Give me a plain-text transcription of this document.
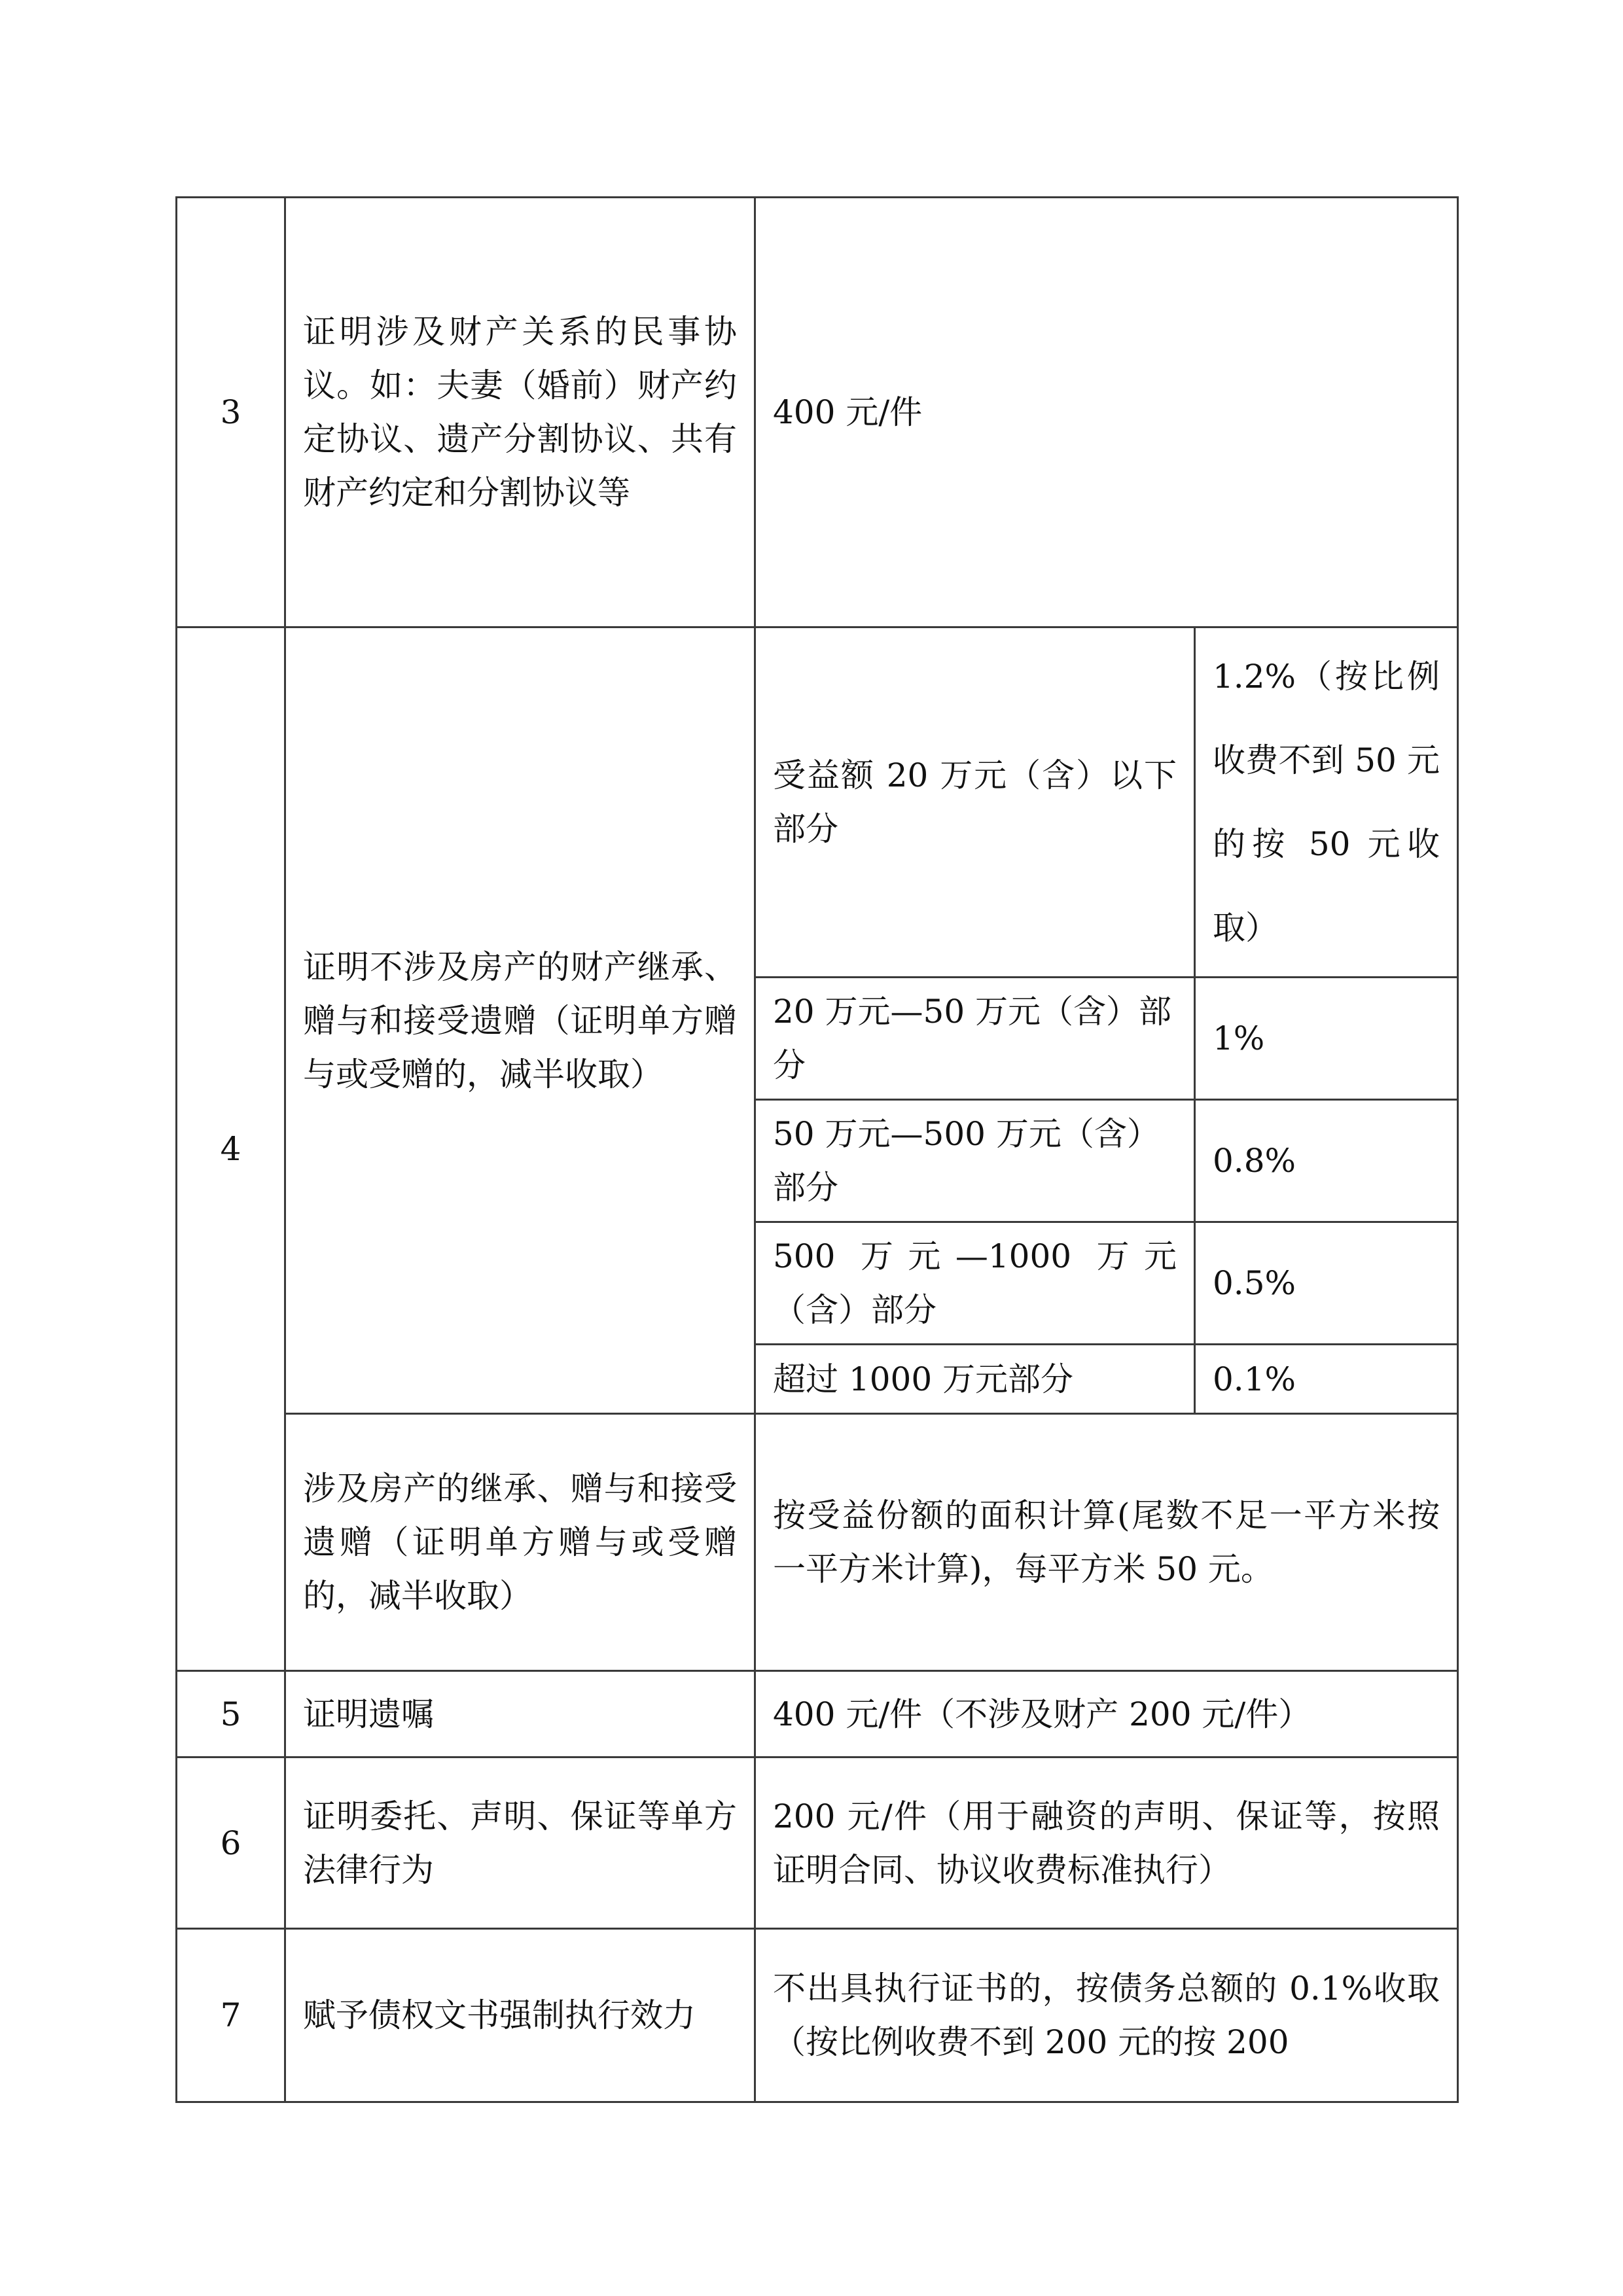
3	证明涉及财产关系的民事协议。如：夫妻（婚前）财产约定协议、遗产分割协议、共有财产约定和分割协议等	400 元/件	
4	证明不涉及房产的财产继承、赠与和接受遗赠（证明单方赠与或受赠的，减半收取）	受益额 20 万元（含）以下部分	1.2%（按比例收费不到 50 元的按 50 元收取）
		20 万元—50 万元（含）部分	1%
		50 万元—500 万元（含）部分	0.8%
		500 万元—1000 万元（含）部分	0.5%
		超过 1000 万元部分	0.1%
	涉及房产的继承、赠与和接受遗赠（证明单方赠与或受赠的，减半收取）	按受益份额的面积计算(尾数不足一平方米按一平方米计算)，每平方米 50 元。	
5	证明遗嘱	400 元/件（不涉及财产 200 元/件）	
6	证明委托、声明、保证等单方法律行为	200 元/件（用于融资的声明、保证等，按照证明合同、协议收费标准执行）	
7	赋予债权文书强制执行效力	不出具执行证书的，按债务总额的 0.1%收取（按比例收费不到 200 元的按 200	
